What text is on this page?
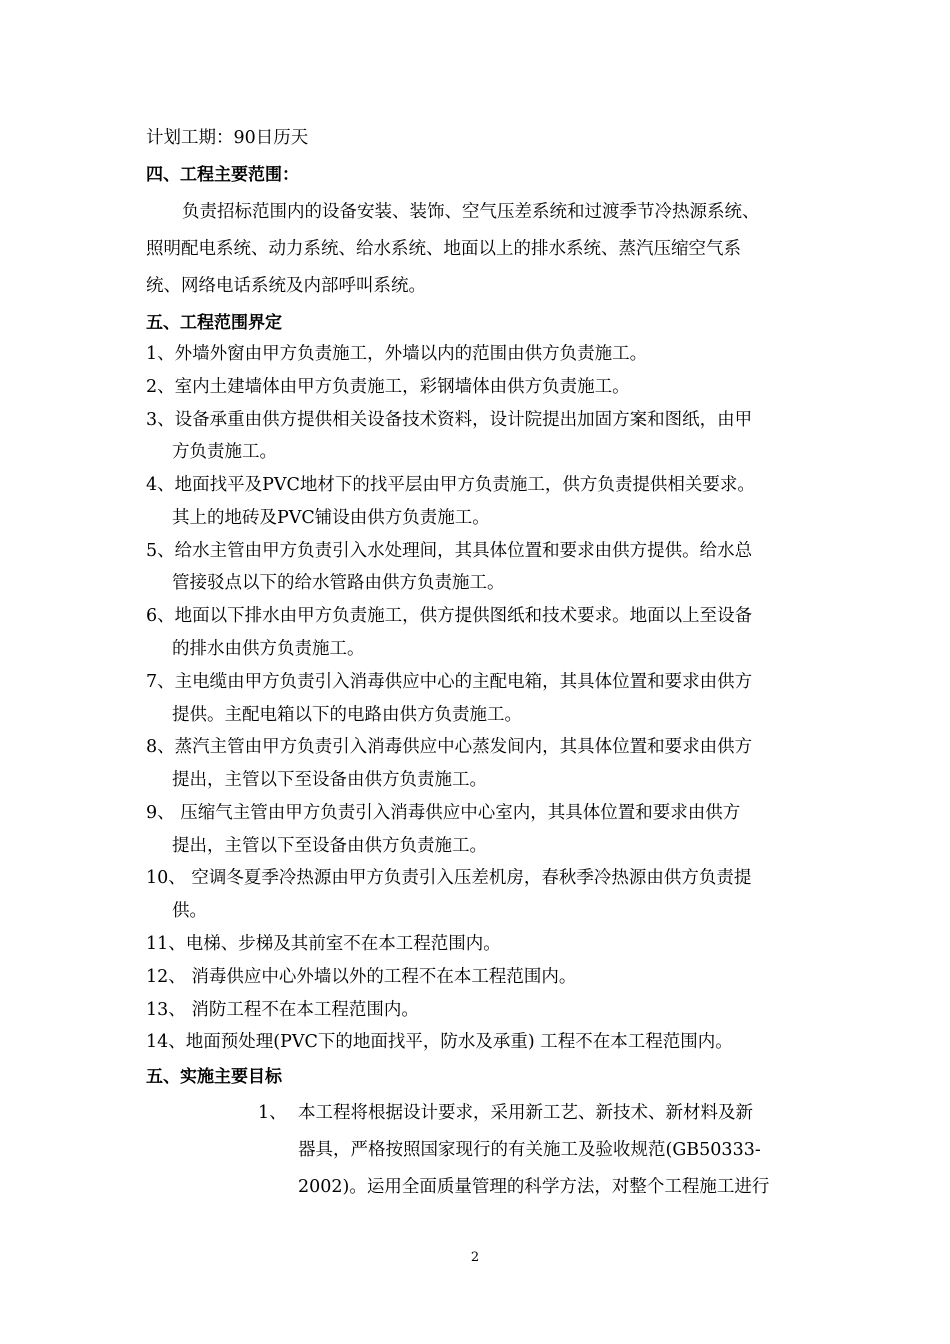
计划工期：90日历天
四、工程主要范围：
负责招标范围内的设备安装、装饰、空气压差系统和过渡季节冷热源系统、
照明配电系统、动力系统、给水系统、地面以上的排水系统、蒸汽压缩空气系
统、网络电话系统及内部呼叫系统。
五、工程范围界定
1、外墙外窗由甲方负责施工，外墙以内的范围由供方负责施工。
2、室内土建墙体由甲方负责施工，彩钢墙体由供方负责施工。
3、设备承重由供方提供相关设备技术资料，设计院提出加固方案和图纸，由甲
方负责施工。
4、地面找平及PVC地材下的找平层由甲方负责施工，供方负责提供相关要求。
其上的地砖及PVC铺设由供方负责施工。
5、给水主管由甲方负责引入水处理间，其具体位置和要求由供方提供。给水总
管接驳点以下的给水管路由供方负责施工。
6、地面以下排水由甲方负责施工，供方提供图纸和技术要求。地面以上至设备
的排水由供方负责施工。
7、主电缆由甲方负责引入消毒供应中心的主配电箱，其具体位置和要求由供方
提供。主配电箱以下的电路由供方负责施工。
8、蒸汽主管由甲方负责引入消毒供应中心蒸发间内，其具体位置和要求由供方
提出，主管以下至设备由供方负责施工。
9、 压缩气主管由甲方负责引入消毒供应中心室内，其具体位置和要求由供方
提出，主管以下至设备由供方负责施工。
10、 空调冬夏季冷热源由甲方负责引入压差机房，春秋季冷热源由供方负责提
供。
11、电梯、步梯及其前室不在本工程范围内。
12、 消毒供应中心外墙以外的工程不在本工程范围内。
13、 消防工程不在本工程范围内。
14、地面预处理(PVC下的地面找平，防水及承重) 工程不在本工程范围内。
五、实施主要目标
1、 本工程将根据设计要求，采用新工艺、新技术、新材料及新
器具，严格按照国家现行的有关施工及验收规范(GB50333-
2002)。运用全面质量管理的科学方法，对整个工程施工进行
2
